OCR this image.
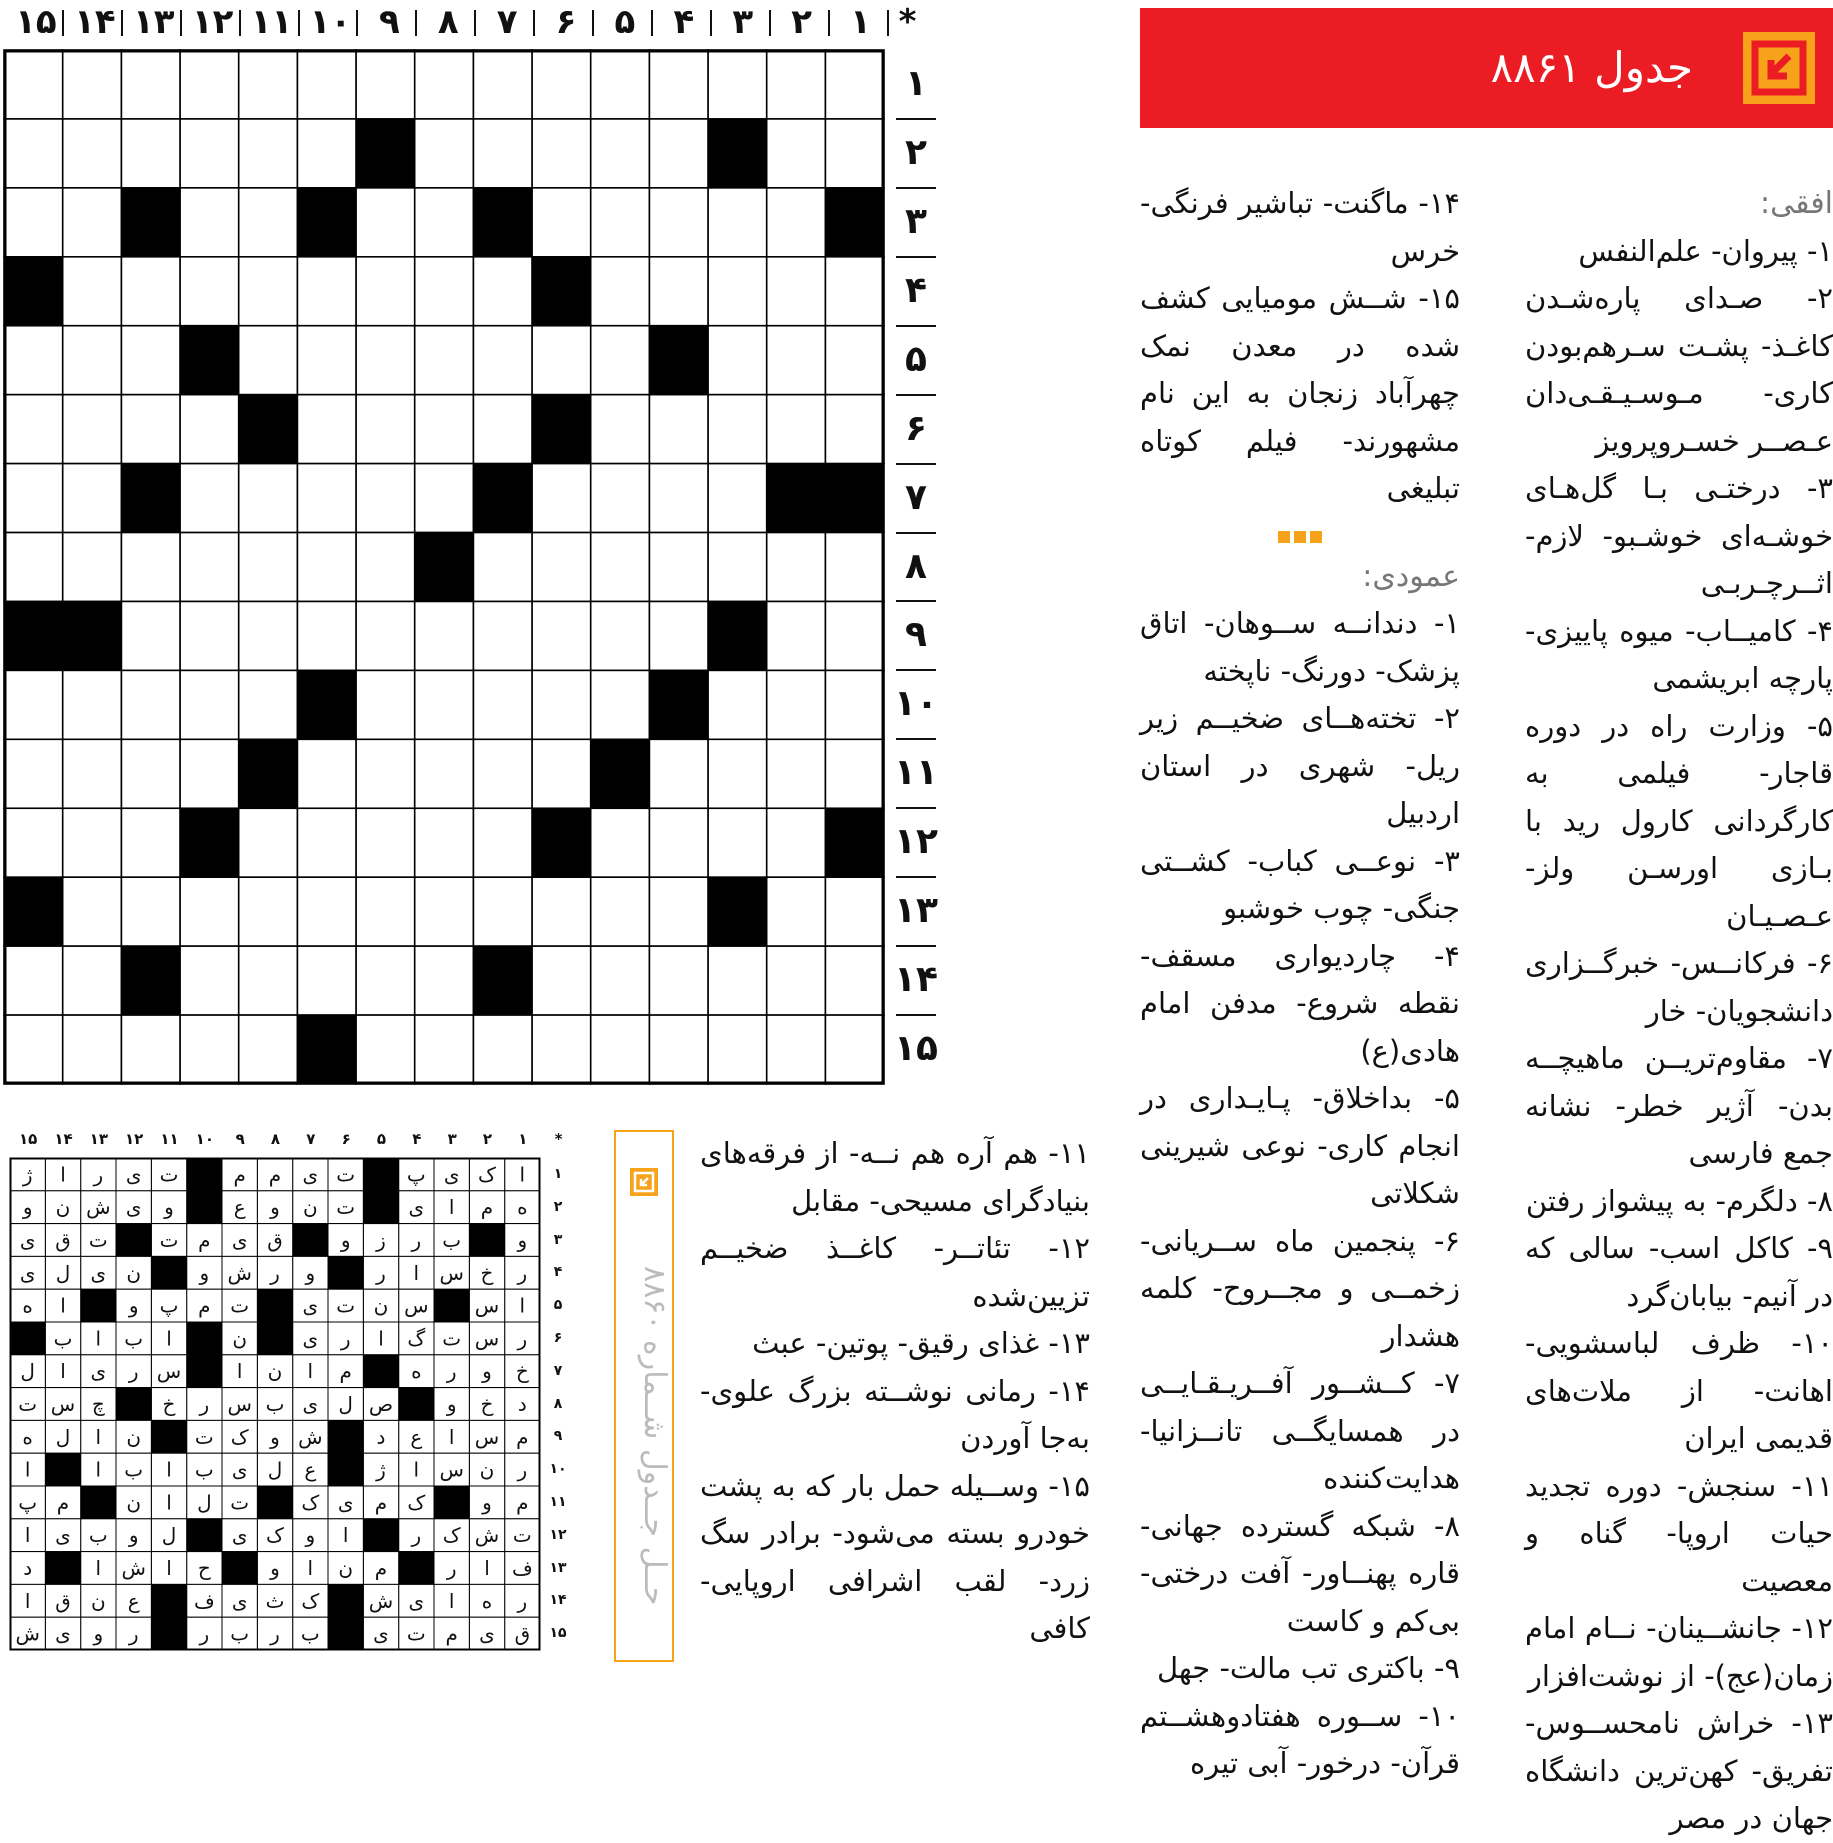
*
۱
۲
۳
۴
۵
۶
۷
۸
۹
۱۰
۱۱
۱۲
۱۳
۱۴
۱۵
۱
۲
۳
۴
۵
۶
۷
۸
۹
۱۰
۱۱
۱۲
۱۳
۱۴
۱۵
جدول ۸۸۶۱

افقی:

۱- پیروان- علم‌النفس

۲- صـدای پاره‌شـدن کاغـذ- پشـت سـرهم‌بودن کاری- مـوسـیـقـی‌دان عـصــر خسـروپرویز

۳- درختـی بـا گل‌هـای خوشـه‌ای خوشـبو- لازم- اثــرچـربـی

۴- کامیــاب- میوه پاییزی- پارچه ابریشمی

۵- وزارت راه در دوره قاجار- فیلمی به کارگردانی کارول رید با بـازی اورسـن ولز- عـصـیـان

۶- فرکانــس- خبرگــزاری دانشجویان- خار

۷- مقاوم‌تریــن ماهیچــه بدن- آژیر خطر- نشانه جمع فارسی

۸- دلگرم- به پیشواز رفتن

۹- کاکل اسب- سالی که در آنیم- بیابان‌گرد

۱۰- ظرف لباسشویی- اهانت- از ملات‌های قدیمی ایران

۱۱- سنجش- دوره تجدید حیات اروپا- گناه و معصیت

۱۲- جانشــینان- نــام امام زمان(عج)- از نوشت‌افزار

۱۳- خراش نامحســوس- تفریق- کهن‌ترین دانشگاه جهان در مصر

۱۴- ماگنت- تباشیر فرنگی- خرس

۱۵- شــش مومیایی کشف شده در معدن نمک چهرآباد زنجان به این نام مشهورند- فیلم کوتاه تبلیغی

عمودی:

۱- دندانــه ســوهان- اتاق پزشک- دورنگ- ناپخته

۲- تخته‌هــای ضخیــم زیر ریل- شهری در استان اردبیل

۳- نوعــی کباب- کشــتی جنگی- چوب خوشبو

۴- چاردیواری مسقف- نقطه شروع- مدفن امام هادی(ع)

۵- بداخلاق- پـایـداری در انجام کاری- نوعی شیرینی شکلاتی

۶- پنجمین ماه ســریانی- زخمــی و مجــروح- کلمه هشدار

۷- کــشــور آفــریـقـایــی در همسایگــی تانــزانیا- هدایت‌کننده

۸- شبکه گسترده جهانی- قاره پهنــاور- آفت درختی- بی‌کم و کاست

۹- باکتری تب مالت- جهل

۱۰- ســوره هفتادوهشــتم قرآن- درخور- آبی تیره

۱۱- هم آره هم نــه- از فرقه‌های بنیادگرای مسیحی- مقابل

۱۲- تئاتــر- کاغــذ ضخیــم تزیین‌شده

۱۳- غذای رقیق- پوتین- عبث

۱۴- رمانی نوشــته بزرگ علوی- به‌جا آوردن

۱۵- وســیله حمل بار که به پشت خودرو بسته می‌شود- برادر سگ زرد- لقب اشرافی اروپایی- کافی

حــل جــدول شــماره ۸۸۶۰
*
۱
۲
۳
۴
۵
۶
۷
۸
۹
۱۰
۱۱
۱۲
۱۳
۱۴
۱۵
ا
ک
ی
پ
ت
ی
م
م
ت
ی
ر
ا
ژ
ه
م
ا
ی
ت
ن
و
ع
و
ی
ش
ن
و
و
ب
ر
ز
و
ق
ی
م
ت
ت
ق
ی
ر
خ
س
ا
ر
و
ر
ش
و
ن
ی
ل
ی
ا
س
س
ن
ت
ی
ت
م
پ
و
ا
ه
ر
س
ت
گ
ا
ر
ی
ن
ا
ب
ا
ب
خ
و
ر
ه
م
ا
ن
ا
س
ر
ی
ا
ل
د
خ
و
ص
ل
ی
ب
س
ر
خ
چ
س
ت
م
س
ا
ع
د
ش
و
ک
ت
ن
ا
ل
ه
ر
ن
س
ا
ژ
ع
ل
ی
ب
ا
ب
ا
ا
م
و
ک
م
ی
ک
ت
ل
ا
ن
م
پ
ت
ش
ک
ر
ا
و
ک
ی
ل
و
ب
ی
ا
ف
ا
ر
م
ن
ا
و
ح
ا
ش
ا
د
ر
ه
ا
ی
ش
ک
ث
ی
ف
ع
ن
ق
ا
ق
ی
م
ت
ی
ب
ر
ب
ر
ر
و
ی
ش
۱
۲
۳
۴
۵
۶
۷
۸
۹
۱۰
۱۱
۱۲
۱۳
۱۴
۱۵
